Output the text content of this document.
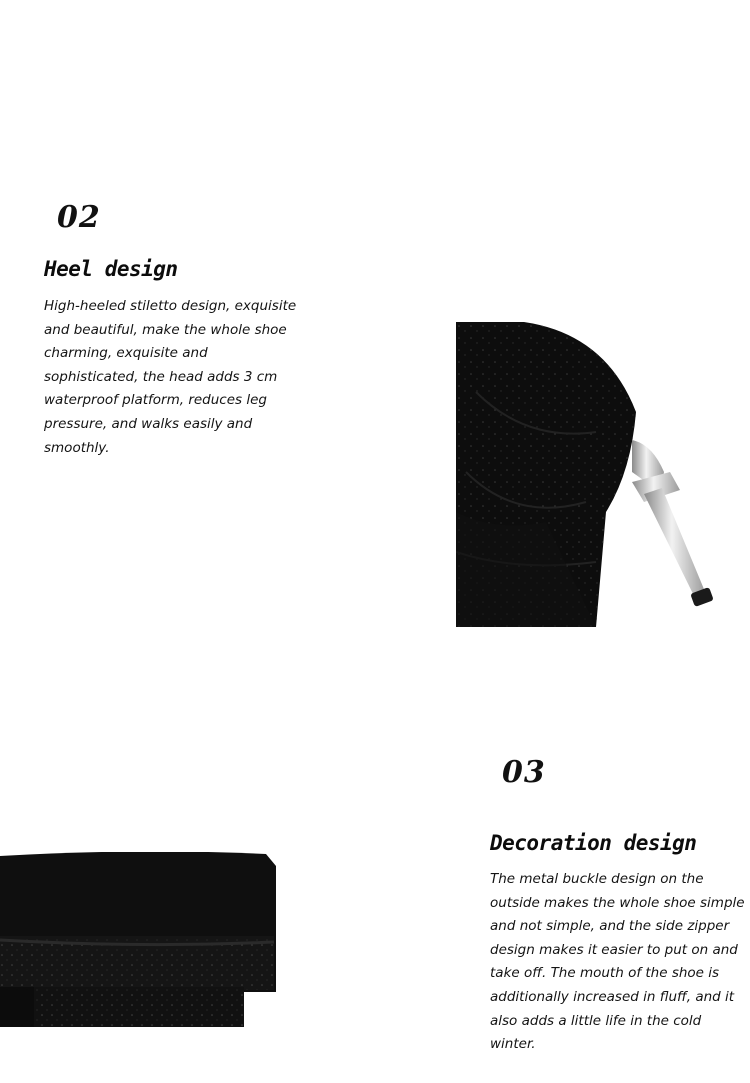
02
Heel design

High-heeled stiletto design, exquisite and beautiful, make the whole shoe charming, exquisite and sophisticated, the head adds 3 cm waterproof platform, reduces leg pressure, and walks easily and smoothly.

03
Decoration design

The metal buckle design on the outside makes the whole shoe simple and not simple, and the side zipper design makes it easier to put on and take off. The mouth of the shoe is additionally increased in fluff, and it also adds a little life in the cold winter.
